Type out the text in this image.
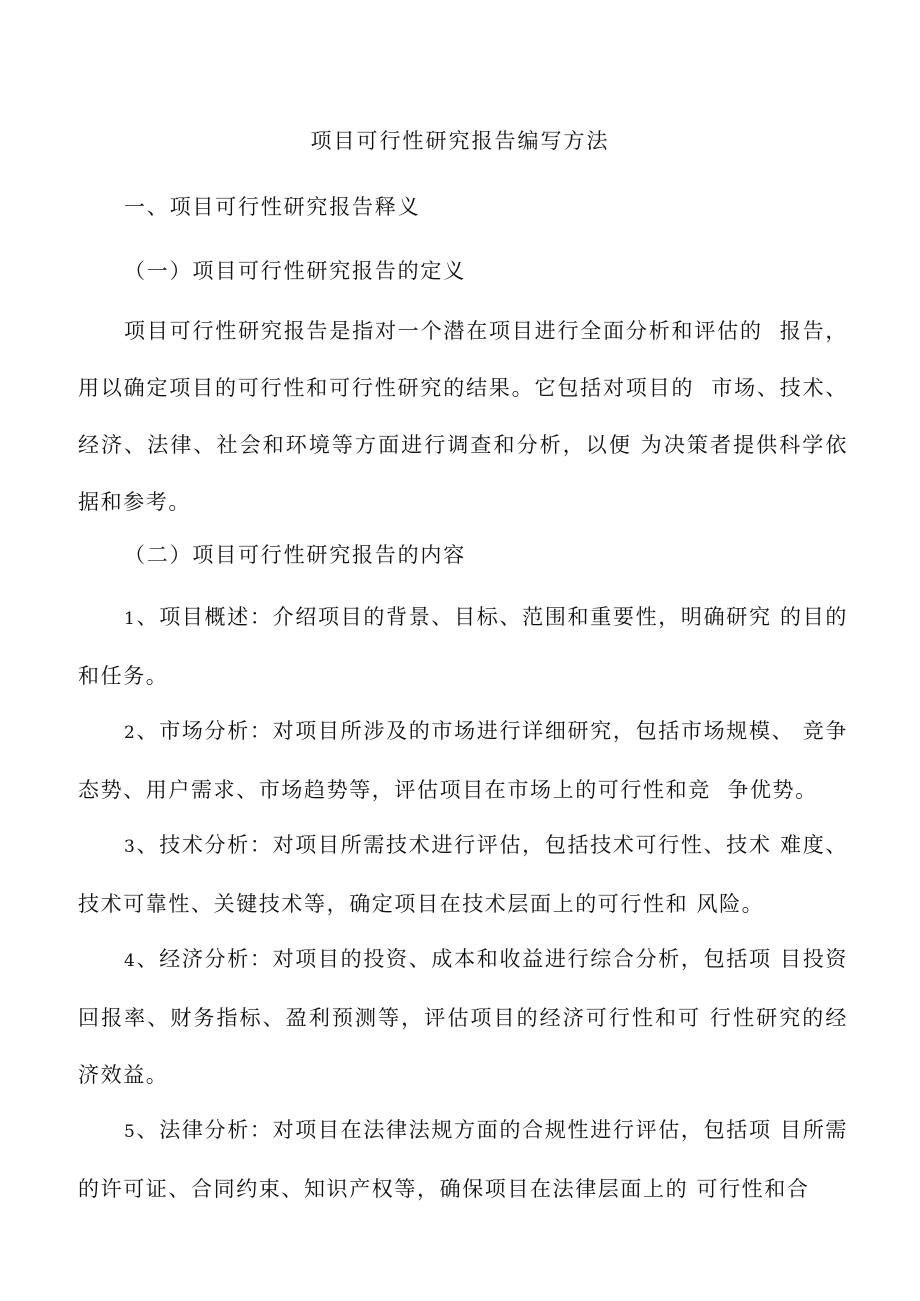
项目可行性研究报告编写方法
一、项目可行性研究报告释义
（一）项目可行性研究报告的定义
项目可行性研究报告是指对一个潜在项目进行全面分析和评估的  报告，用以确定项目的可行性和可行性研究的结果。它包括对项目的  市场、技术、经济、法律、社会和环境等方面进行调查和分析，以便 为决策者提供科学依据和参考。
（二）项目可行性研究报告的内容
1、项目概述：介绍项目的背景、目标、范围和重要性，明确研究 的目的和任务。
2、市场分析：对项目所涉及的市场进行详细研究，包括市场规模、 竞争态势、用户需求、市场趋势等，评估项目在市场上的可行性和竞  争优势。
3、技术分析：对项目所需技术进行评估，包括技术可行性、技术 难度、技术可靠性、关键技术等，确定项目在技术层面上的可行性和 风险。
4、经济分析：对项目的投资、成本和收益进行综合分析，包括项 目投资回报率、财务指标、盈利预测等，评估项目的经济可行性和可 行性研究的经济效益。
5、法律分析：对项目在法律法规方面的合规性进行评估，包括项 目所需的许可证、合同约束、知识产权等，确保项目在法律层面上的 可行性和合
